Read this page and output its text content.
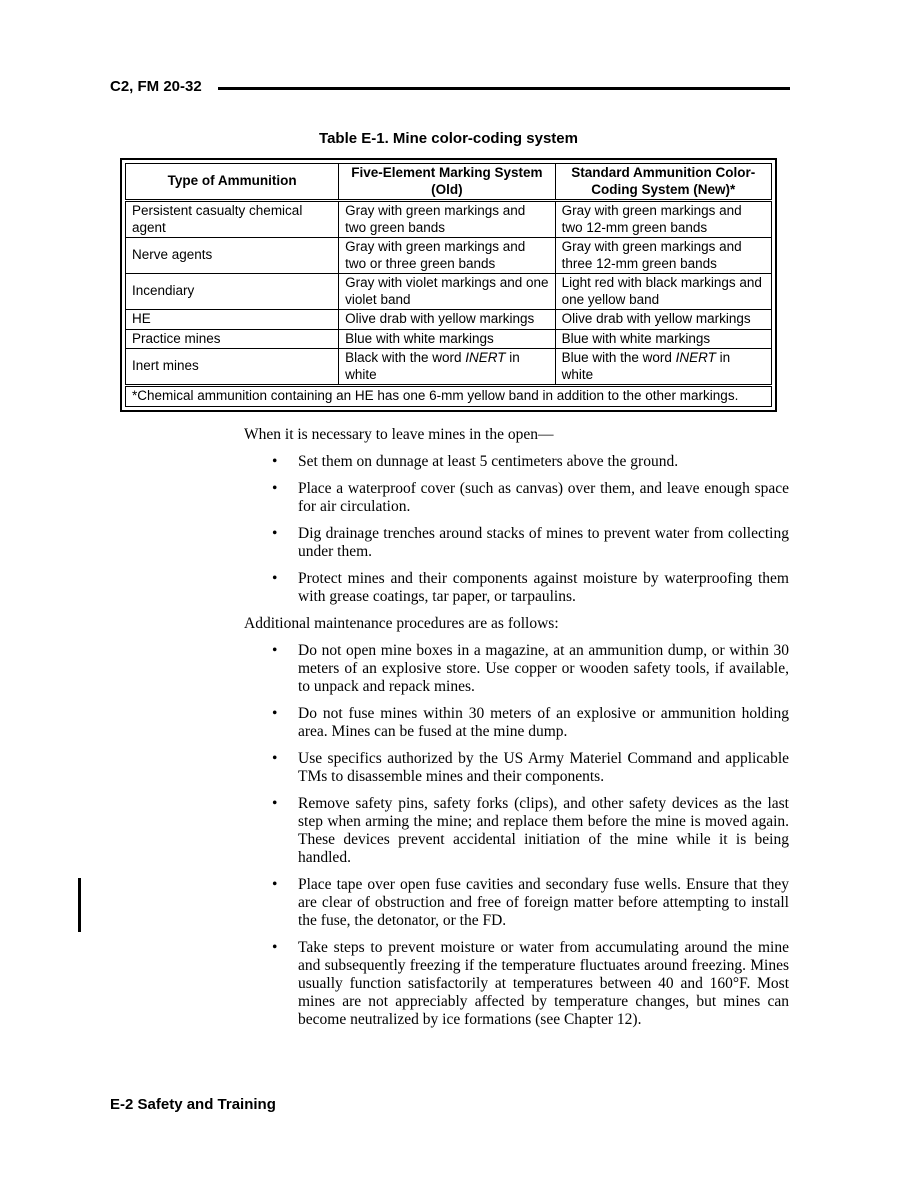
C2, FM 20-32
Table E-1. Mine color-coding system
Type of Ammunition	Five-Element Marking System (Old)	Standard Ammunition Color-Coding System (New)*
Persistent casualty chemical agent	Gray with green markings and two green bands	Gray with green markings and two 12-mm green bands
Nerve agents	Gray with green markings and two or three green bands	Gray with green markings and three 12-mm green bands
Incendiary	Gray with violet markings and one violet band	Light red with black markings and one yellow band
HE	Olive drab with yellow markings	Olive drab with yellow markings
Practice mines	Blue with white markings	Blue with white markings
Inert mines	Black with the word INERT in white	Blue with the word INERT in white
*Chemical ammunition containing an HE has one 6-mm yellow band in addition to the other markings.		

When it is necessary to leave mines in the open—

• Set them on dunnage at least 5 centimeters above the ground.
• Place a waterproof cover (such as canvas) over them, and leave enough space for air circulation.
• Dig drainage trenches around stacks of mines to prevent water from collecting under them.
• Protect mines and their components against moisture by waterproofing them with grease coatings, tar paper, or tarpaulins.

Additional maintenance procedures are as follows:

• Do not open mine boxes in a magazine, at an ammunition dump, or within 30 meters of an explosive store. Use copper or wooden safety tools, if available, to unpack and repack mines.
• Do not fuse mines within 30 meters of an explosive or ammunition holding area. Mines can be fused at the mine dump.
• Use specifics authorized by the US Army Materiel Command and applicable TMs to disassemble mines and their components.
• Remove safety pins, safety forks (clips), and other safety devices as the last step when arming the mine; and replace them before the mine is moved again. These devices prevent accidental initiation of the mine while it is being handled.
• Place tape over open fuse cavities and secondary fuse wells. Ensure that they are clear of obstruction and free of foreign matter before attempting to install the fuse, the detonator, or the FD.
• Take steps to prevent moisture or water from accumulating around the mine and subsequently freezing if the temperature fluctuates around freezing. Mines usually function satisfactorily at temperatures between 40 and 160°F. Most mines are not appreciably affected by temperature changes, but mines can become neutralized by ice formations (see Chapter 12).
E-2 Safety and Training
